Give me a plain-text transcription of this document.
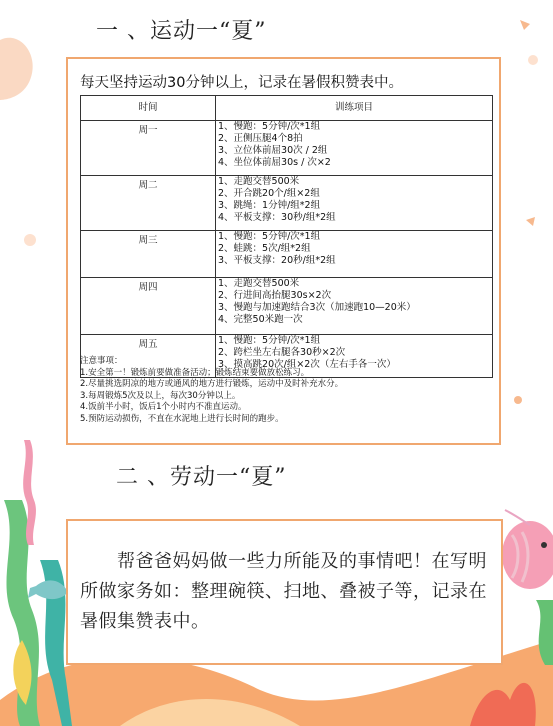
一 、运动一“夏”
每天坚持运动30分钟以上，记录在暑假积赞表中。
时间	训练项目
周一	1、慢跑：5分钟/次*1组
2、正侧压腿4个8拍
3、立位体前屈30次 / 2组
4、坐位体前屈30s / 次×2

周二	1、走跑交替500米
2、开合跳20个/组×2组
3、跳绳：1分钟/组*2组
4、平板支撑：30秒/组*2组

周三	1、慢跑：5分钟/次*1组
2、蛙跳：5次/组*2组
3、平板支撑：20秒/组*2组

周四	1、走跑交替500米
2、行进间高抬腿30s×2次
3、慢跑与加速跑结合3次（加速跑10—20米）
4、完整50米跑一次

周五	1、慢跑：5分钟/次*1组
2、跨栏坐左右腿各30秒×2次
3、摸高跳20次/组×2次（左右手各一次）
注意事项：
1.安全第一！锻炼前要做准备活动；锻炼结束要做放松练习。
2.尽量挑选阴凉的地方或通风的地方进行锻炼，运动中及时补充水分。
3.每周锻炼5次及以上，每次30分钟以上。
4.饭前半小时，饭后1个小时内不准直运动。
5.预防运动损伤，不直在水泥地上进行长时间的跑步。
二 、劳动一“夏”
　　帮爸爸妈妈做一些力所能及的事情吧！在写明所做家务如：整理碗筷、扫地、叠被子等，记录在暑假集赞表中。
